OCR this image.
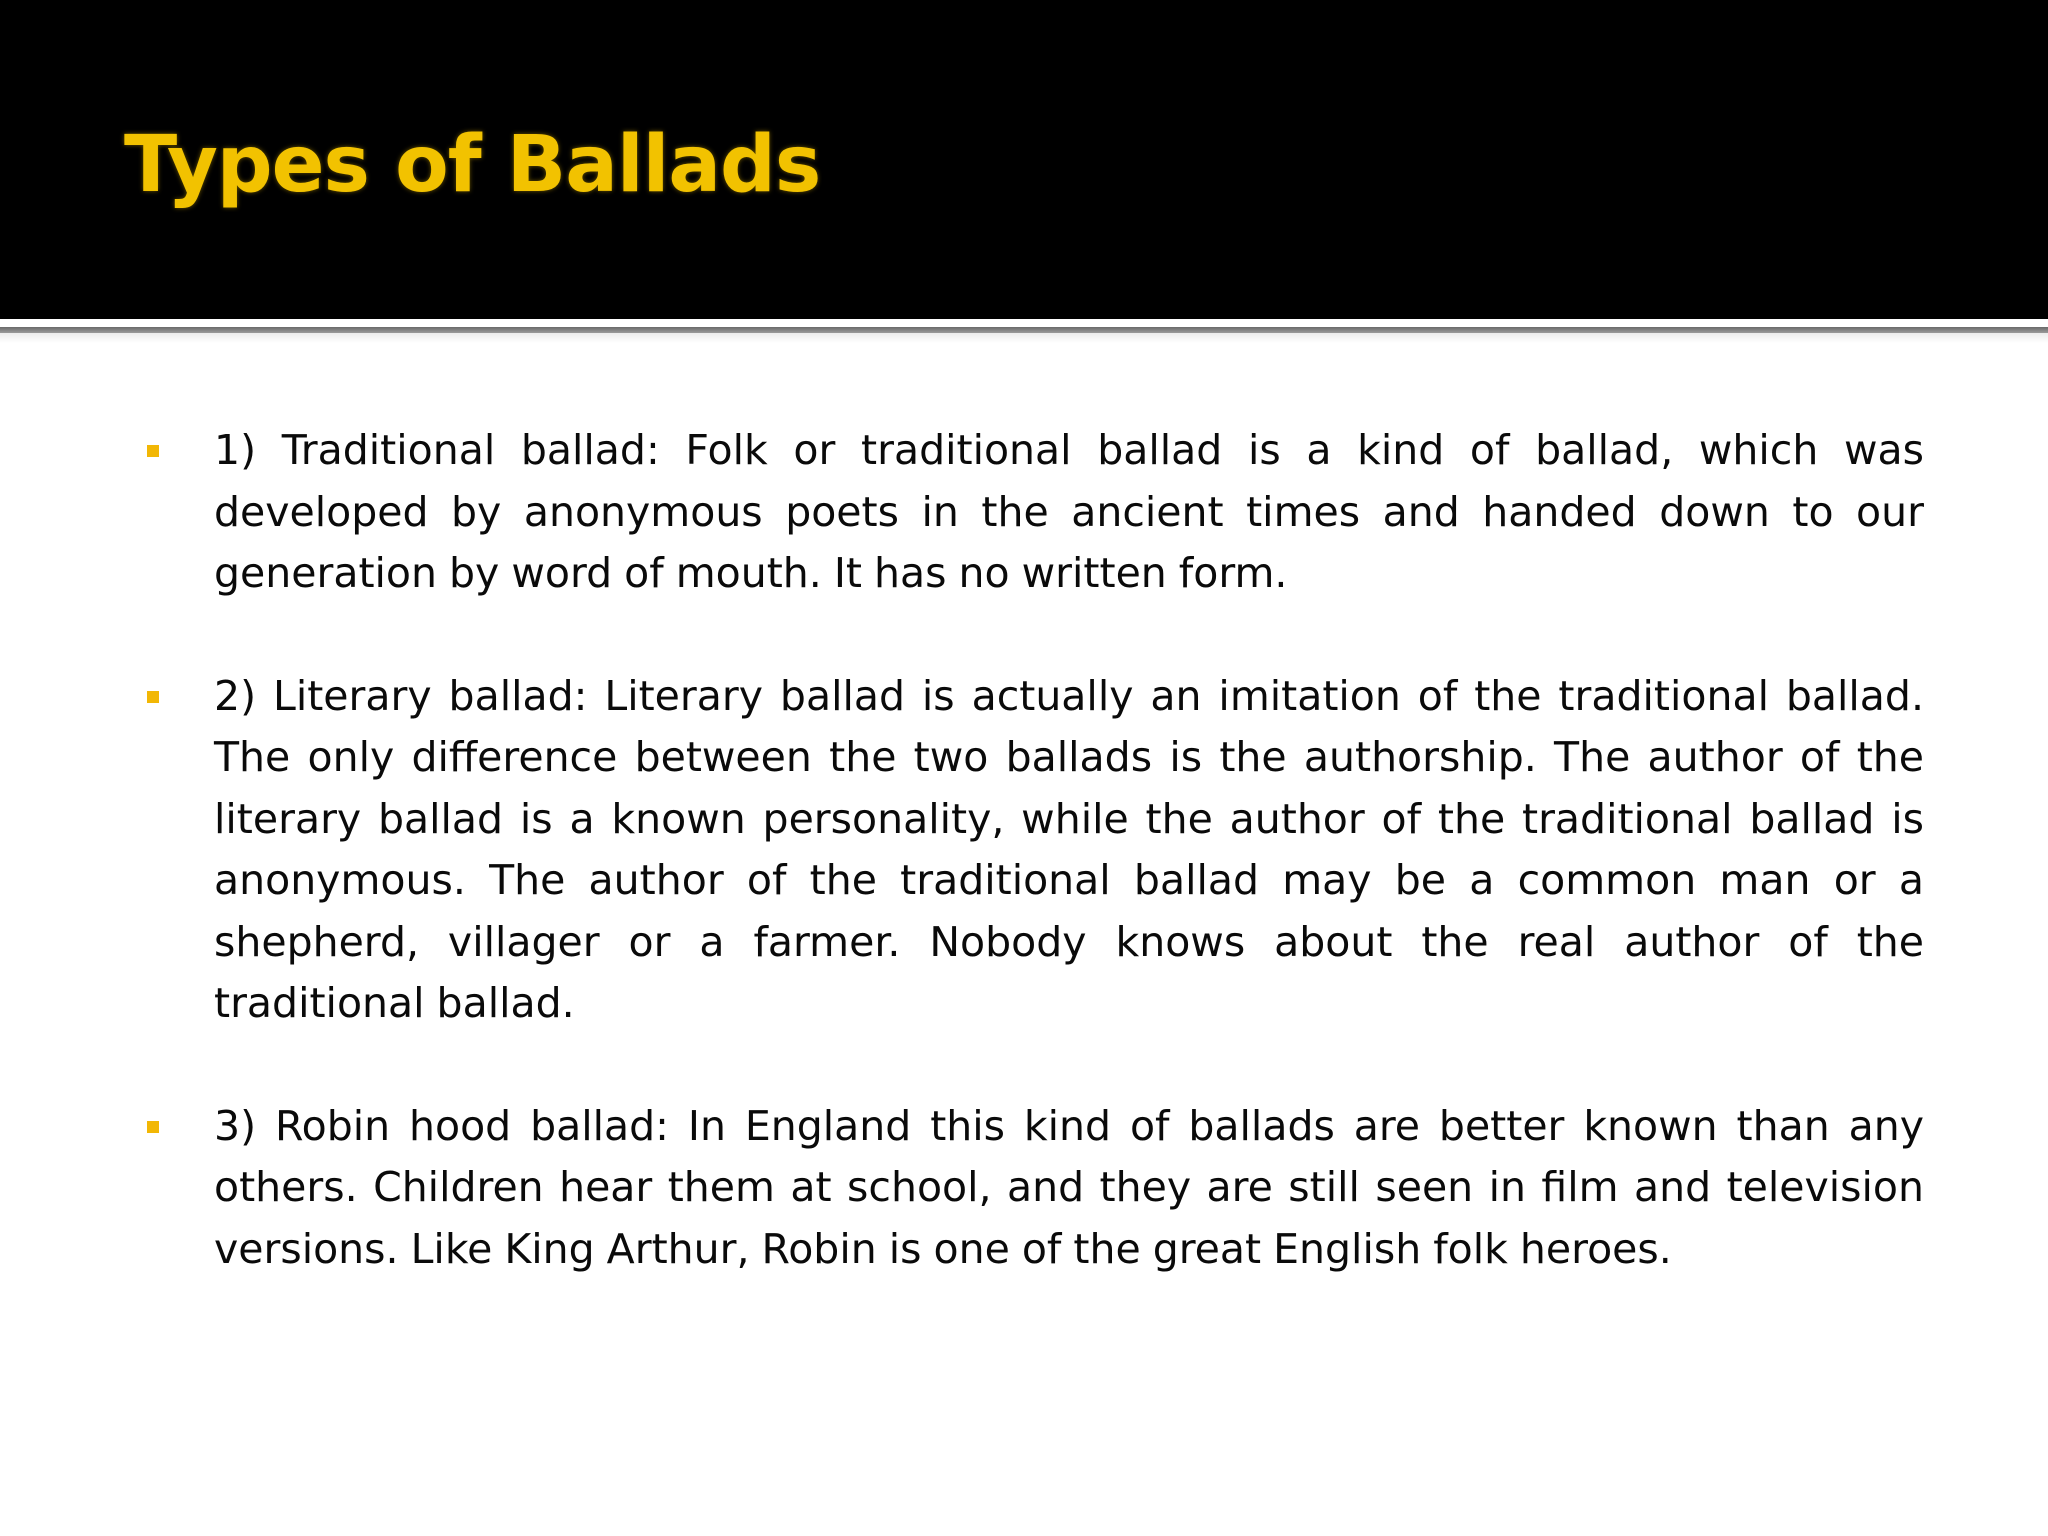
Types of Ballads
1) Traditional ballad: Folk or traditional ballad is a kind of ballad, which was developed by anonymous poets in the ancient times and handed down to our generation by word of mouth. It has no written form.
2) Literary ballad: Literary ballad is actually an imitation of the traditional ballad. The only difference between the two ballads is the authorship. The author of the literary ballad is a known personality, while the author of the traditional ballad is anonymous. The author of the traditional ballad may be a common man or a shepherd, villager or a farmer. Nobody knows about the real author of the traditional ballad.
3) Robin hood ballad: In England this kind of ballads are better known than any others. Children hear them at school, and they are still seen in film and television versions. Like King Arthur, Robin is one of the great English folk heroes.
